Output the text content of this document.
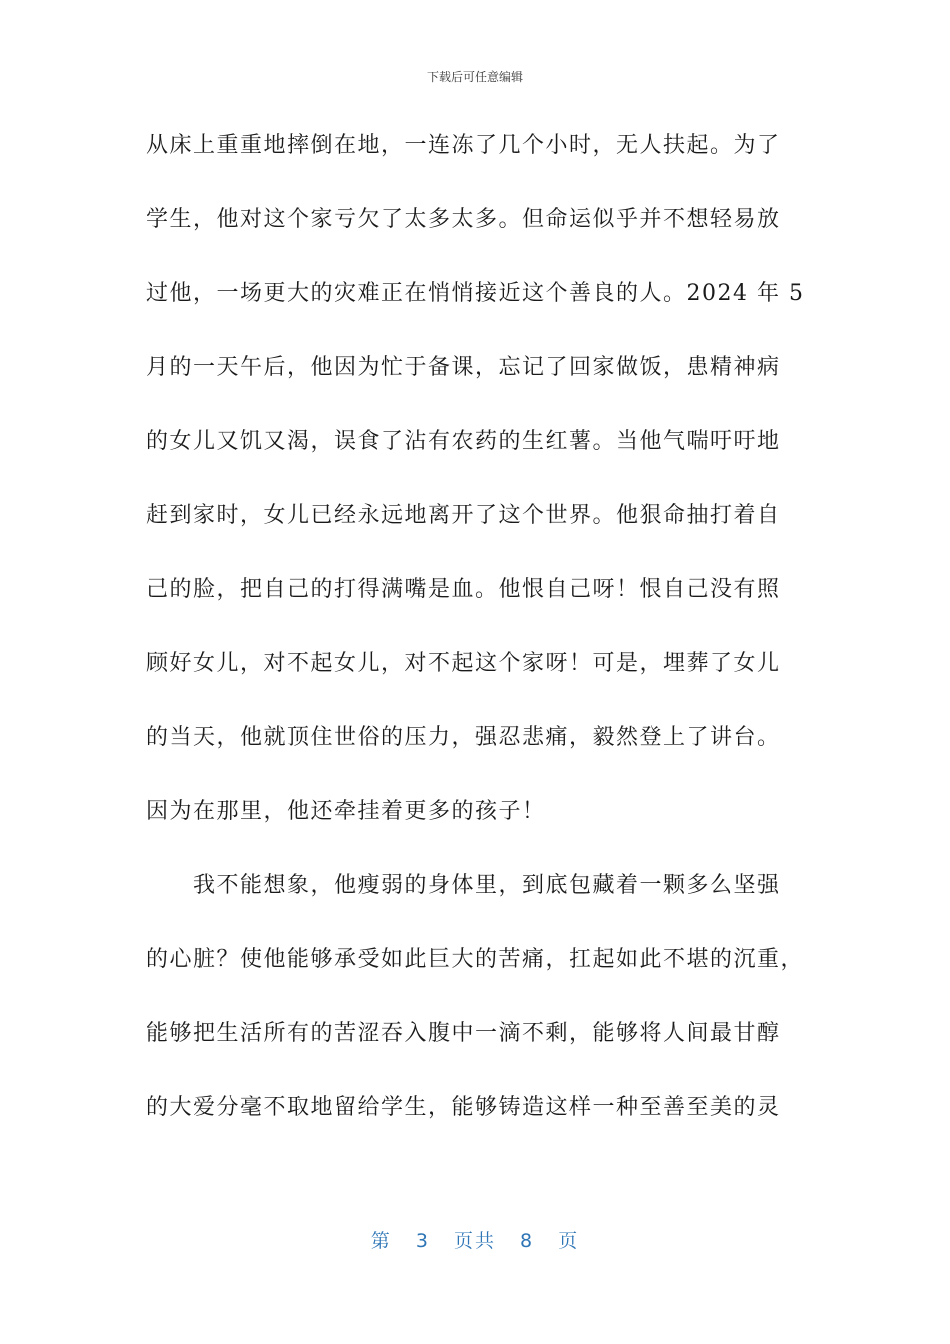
下载后可任意编辑
从床上重重地摔倒在地，一连冻了几个小时，无人扶起。为了
学生，他对这个家亏欠了太多太多。但命运似乎并不想轻易放
过他，一场更大的灾难正在悄悄接近这个善良的人。2024 年 5
月的一天午后，他因为忙于备课，忘记了回家做饭，患精神病
的女儿又饥又渴，误食了沾有农药的生红薯。当他气喘吁吁地
赶到家时，女儿已经永远地离开了这个世界。他狠命抽打着自
己的脸，把自己的打得满嘴是血。他恨自己呀！恨自己没有照
顾好女儿，对不起女儿，对不起这个家呀！可是，埋葬了女儿
的当天，他就顶住世俗的压力，强忍悲痛，毅然登上了讲台。
因为在那里，他还牵挂着更多的孩子！
我不能想象，他瘦弱的身体里，到底包藏着一颗多么坚强
的心脏？使他能够承受如此巨大的苦痛，扛起如此不堪的沉重，
能够把生活所有的苦涩吞入腹中一滴不剩，能够将人间最甘醇
的大爱分毫不取地留给学生，能够铸造这样一种至善至美的灵
第 3 页共 8 页
